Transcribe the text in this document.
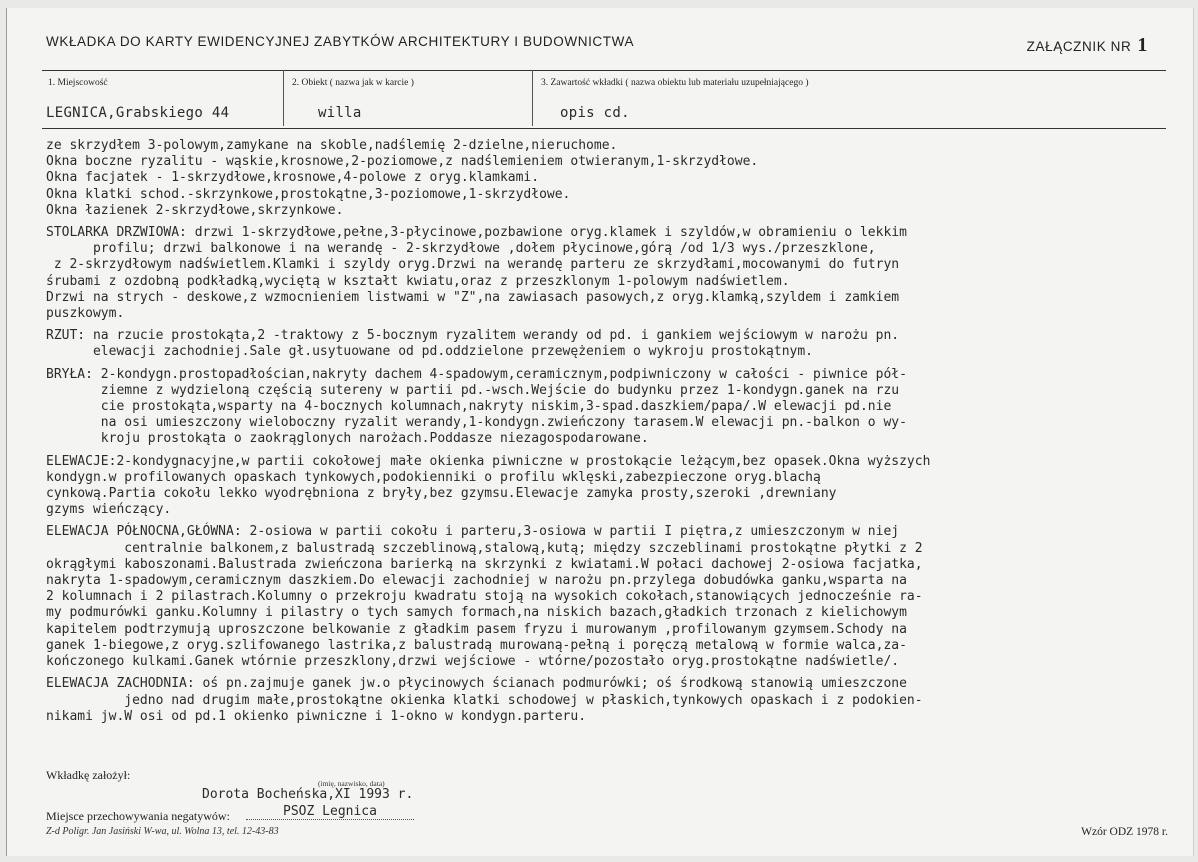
WKŁADKA DO KARTY EWIDENCYJNEJ ZABYTKÓW ARCHITEKTURY I BUDOWNICTWA	ZAŁĄCZNIK NR 1
1. Miejscowość	2. Obiekt ( nazwa jak w karcie )	3. Zawartość wkładki ( nazwa obiektu lub materiału uzupełniającego )
LEGNICA,Grabskiego 44	willa	opis cd.
ze skrzydłem 3-polowym,zamykane na skoble,nadślemię 2-dzielne,nieruchome.
Okna boczne ryzalitu - wąskie,krosnowe,2-poziomowe,z nadślemieniem otwieranym,1-skrzydłowe.
Okna facjatek - 1-skrzydłowe,krosnowe,4-polowe z oryg.klamkami.
Okna klatki schod.-skrzynkowe,prostokątne,3-poziomowe,1-skrzydłowe.
Okna łazienek 2-skrzydłowe,skrzynkowe.

STOLARKA DRZWIOWA: drzwi 1-skrzydłowe,pełne,3-płycinowe,pozbawione oryg.klamek i szyldów,w obramieniu o lekkim
profilu; drzwi balkonowe i na werandę - 2-skrzydłowe ,dołem płycinowe,górą /od 1/3 wys./przeszklone,
z 2-skrzydłowym nadświetlem.Klamki i szyldy oryg.Drzwi na werandę parteru ze skrzydłami,mocowanymi do futryn
śrubami z ozdobną podkładką,wyciętą w kształt kwiatu,oraz z przeszklonym 1-polowym nadświetlem.
Drzwi na strych - deskowe,z wzmocnieniem listwami w "Z",na zawiasach pasowych,z oryg.klamką,szyldem i zamkiem
puszkowym.

RZUT: na rzucie prostokąta,2 -traktowy z 5-bocznym ryzalitem werandy od pd. i gankiem wejściowym w narożu pn.
elewacji zachodniej.Sale gł.usytuowane od pd.oddzielone przewężeniem o wykroju prostokątnym.

BRYŁA: 2-kondygn.prostopadłościan,nakryty dachem 4-spadowym,ceramicznym,podpiwniczony w całości - piwnice pół-
ziemne z wydzieloną częścią sutereny w partii pd.-wsch.Wejście do budynku przez 1-kondygn.ganek na rzu
cie prostokąta,wsparty na 4-bocznych kolumnach,nakryty niskim,3-spad.daszkiem/papa/.W elewacji pd.nie
na osi umieszczony wieloboczny ryzalit werandy,1-kondygn.zwieńczony tarasem.W elewacji pn.-balkon o wy-
kroju prostokąta o zaokrąglonych narożach.Poddasze niezagospodarowane.

ELEWACJE:2-kondygnacyjne,w partii cokołowej małe okienka piwniczne w prostokącie leżącym,bez opasek.Okna wyższych
kondygn.w profilowanych opaskach tynkowych,podokienniki o profilu wklęski,zabezpieczone oryg.blachą
cynkową.Partia cokołu lekko wyodrębniona z bryły,bez gzymsu.Elewacje zamyka prosty,szeroki ,drewniany
gzyms wieńczący.

ELEWACJA PÓŁNOCNA,GŁÓWNA: 2-osiowa w partii cokołu i parteru,3-osiowa w partii I piętra,z umieszczonym w niej
centralnie balkonem,z balustradą szczeblinową,stalową,kutą; między szczeblinami prostokątne płytki z 2
okrągłymi kaboszonami.Balustrada zwieńczona barierką na skrzynki z kwiatami.W połaci dachowej 2-osiowa facjatka,
nakryta 1-spadowym,ceramicznym daszkiem.Do elewacji zachodniej w narożu pn.przylega dobudówka ganku,wsparta na
2 kolumnach i 2 pilastrach.Kolumny o przekroju kwadratu stoją na wysokich cokołach,stanowiących jednocześnie ra-
my podmurówki ganku.Kolumny i pilastry o tych samych formach,na niskich bazach,gładkich trzonach z kielichowym
kapitelem podtrzymują uproszczone belkowanie z gładkim pasem fryzu i murowanym ,profilowanym gzymsem.Schody na
ganek 1-biegowe,z oryg.szlifowanego lastrika,z balustradą murowaną-pełną i poręczą metalową w formie walca,za-
kończonego kulkami.Ganek wtórnie przeszklony,drzwi wejściowe - wtórne/pozostało oryg.prostokątne nadświetle/.

ELEWACJA ZACHODNIA: oś pn.zajmuje ganek jw.o płycinowych ścianach podmurówki; oś środkową stanowią umieszczone
jedno nad drugim małe,prostokątne okienka klatki schodowej w płaskich,tynkowych opaskach i z podokien-
nikami jw.W osi od pd.1 okienko piwniczne i 1-okno w kondygn.parteru.
Wkładkę założył:
(imię, nazwisko, data)
Dorota Bocheńska,XI 1993 r.
Miejsce przechowywania negatywów:	PSOZ Legnica
Z-d Poligr. Jan Jasiński W-wa, ul. Wolna 13, tel. 12-43-83	Wzór ODZ 1978 r.
